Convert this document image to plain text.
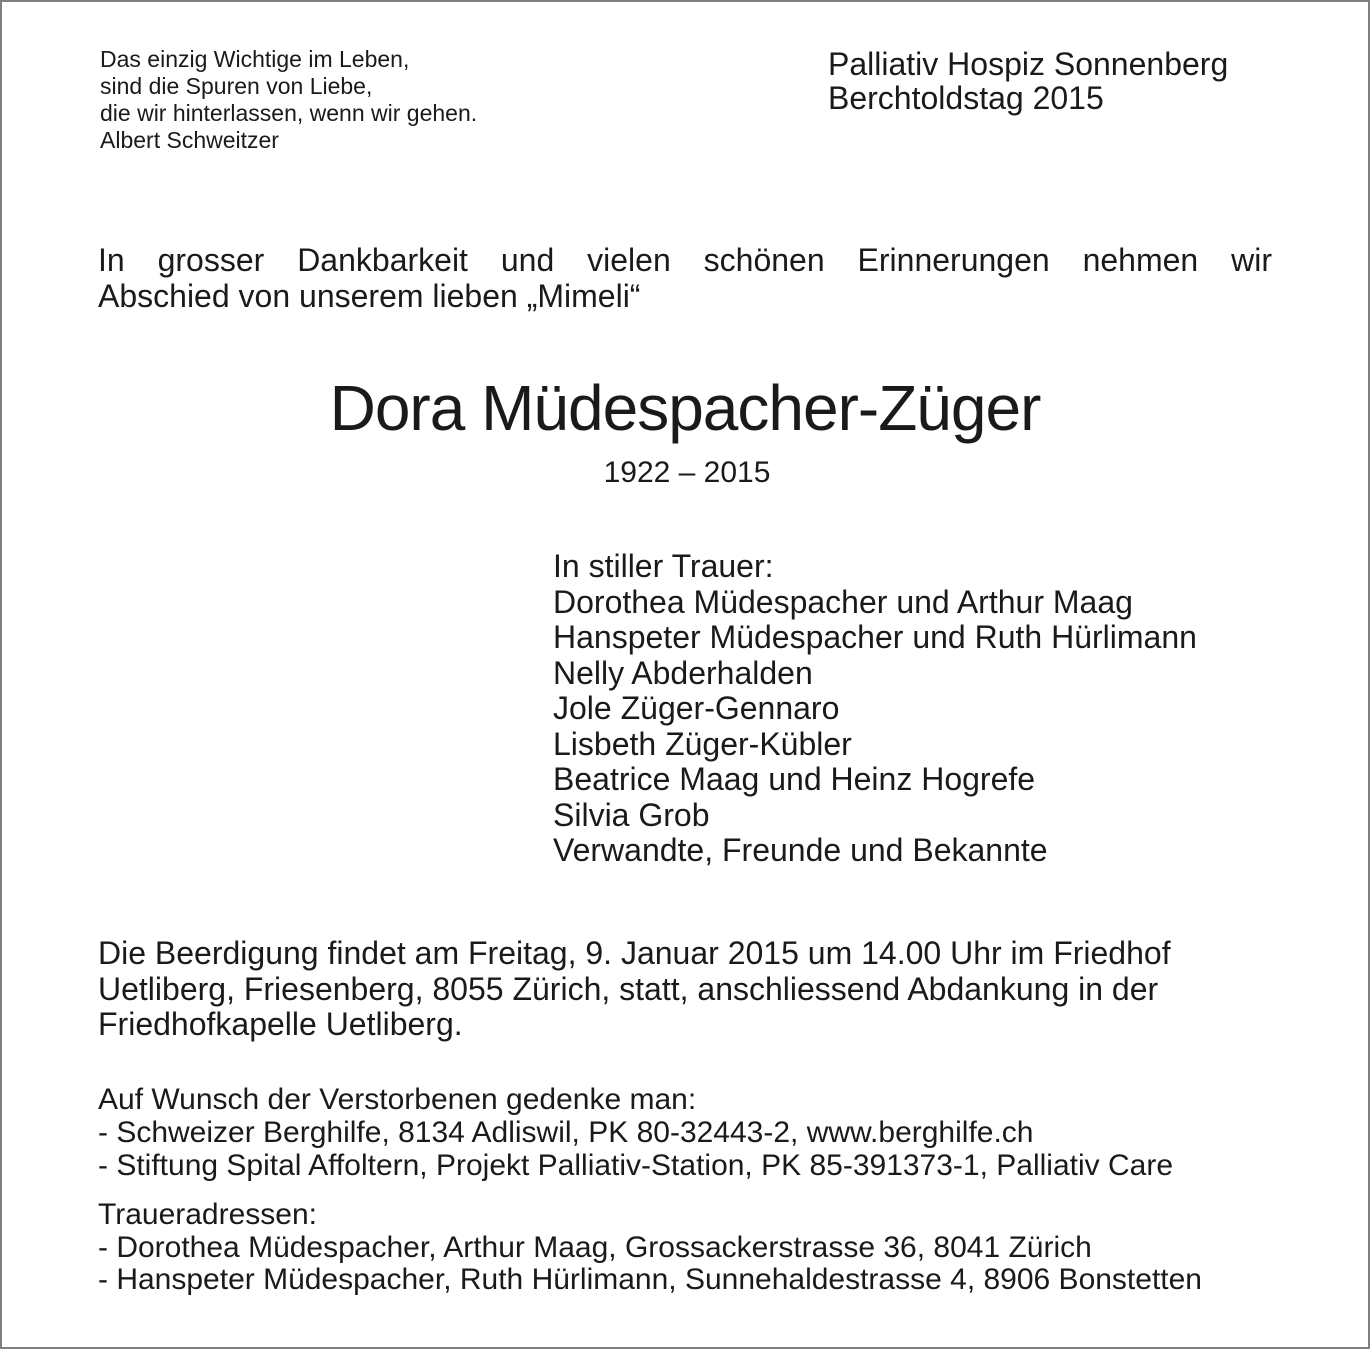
Das einzig Wichtige im Leben,
sind die Spuren von Liebe,
die wir hinterlassen, wenn wir gehen.
Albert Schweitzer
Palliativ Hospiz Sonnenberg
Berchtoldstag 2015
In grosser Dankbarkeit und vielen schönen Erinnerungen nehmen wir
Abschied von unserem lieben „Mimeli“
Dora Müdespacher-Züger
1922 – 2015
In stiller Trauer:
Dorothea Müdespacher und Arthur Maag
Hanspeter Müdespacher und Ruth Hürlimann
Nelly Abderhalden
Jole Züger-Gennaro
Lisbeth Züger-Kübler
Beatrice Maag und Heinz Hogrefe
Silvia Grob
Verwandte, Freunde und Bekannte
Die Beerdigung findet am Freitag, 9. Januar 2015 um 14.00 Uhr im Friedhof Uetliberg, Friesenberg, 8055 Zürich, statt, anschliessend Abdankung in der Friedhofkapelle Uetliberg.
Auf Wunsch der Verstorbenen gedenke man:
- Schweizer Berghilfe, 8134 Adliswil, PK 80-32443-2, www.berghilfe.ch
- Stiftung Spital Affoltern, Projekt Palliativ-Station, PK 85-391373-1, Palliativ Care
Traueradressen:
- Dorothea Müdespacher, Arthur Maag, Grossackerstrasse 36, 8041 Zürich
- Hanspeter Müdespacher, Ruth Hürlimann, Sunnehaldestrasse 4, 8906 Bonstetten
